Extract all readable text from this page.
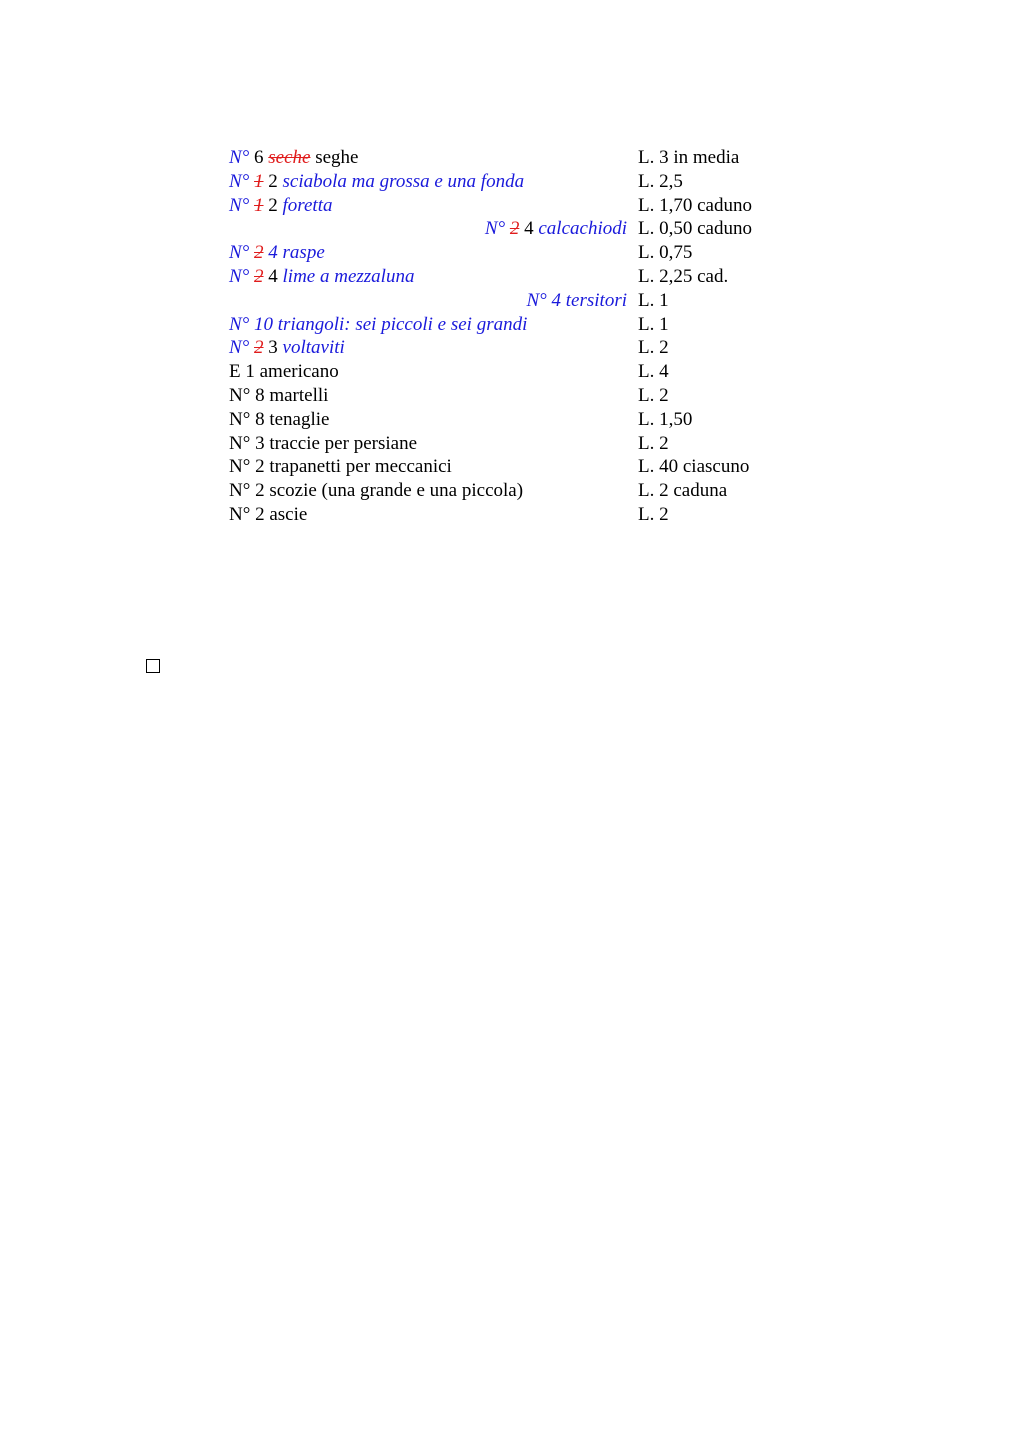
N° 6 seche seghe	L. 3 in media
N° 1 2 sciabola ma grossa e una fonda	L. 2,5
N° 1 2 foretta	L. 1,70 caduno
N° 2 4 calcachiodi L. 0,50 caduno
N° 2 4 raspe	L. 0,75
N° 2 4 lime a mezzaluna	L. 2,25 cad.
N° 4 tersitori L. 1
N° 10 triangoli: sei piccoli e sei grandi	L. 1
N° 2 3 voltaviti	L. 2
E 1 americano	L. 4
N° 8 martelli	L. 2
N° 8 tenaglie	L. 1,50
N° 3 traccie per persiane	L. 2
N° 2 trapanetti per meccanici	L. 40 ciascuno
N° 2 scozie (una grande e una piccola)	L. 2 caduna
N° 2 ascie	L. 2
